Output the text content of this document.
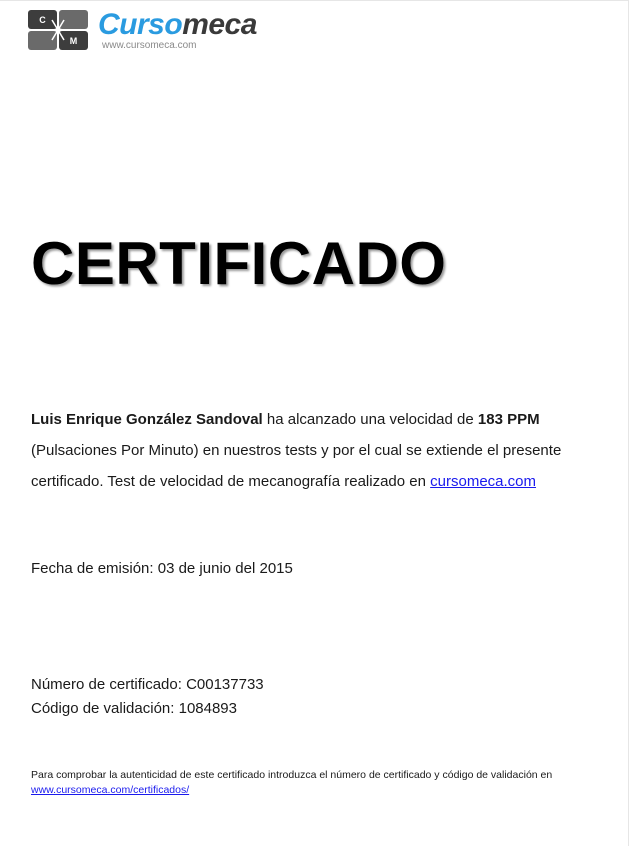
C
M Cursomeca
www.cursomeca.com
CERTIFICADO

Luis Enrique González Sandoval ha alcanzado una velocidad de 183 PPM (Pulsaciones Por Minuto) en nuestros tests y por el cual se extiende el presente certificado. Test de velocidad de mecanografía realizado en cursomeca.com

Fecha de emisión: 03 de junio del 2015

Número de certificado: C00137733

Código de validación: 1084893

Para comprobar la autenticidad de este certificado introduzca el número de certificado y código de validación en
www.cursomeca.com/certificados/
